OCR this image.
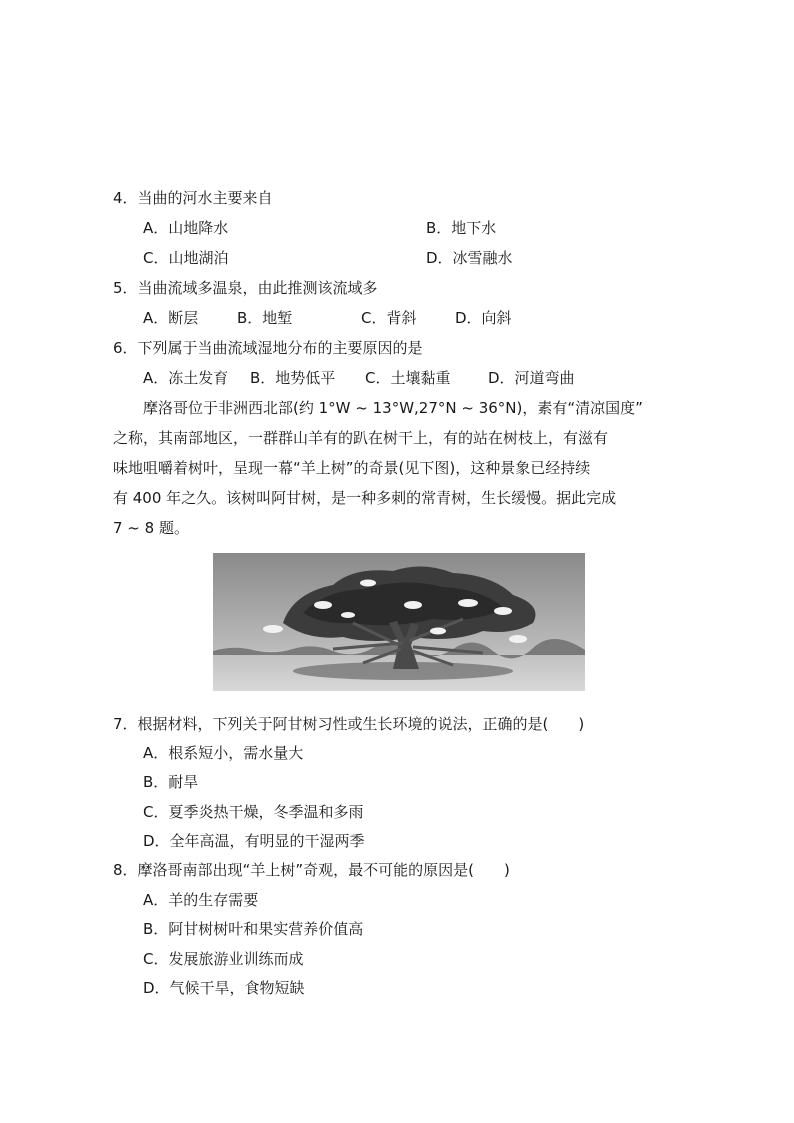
4．当曲的河水主要来自
A．山地降水	B．地下水
C．山地湖泊	D．冰雪融水
5．当曲流域多温泉，由此推测该流域多
A．断层	B．地堑	C．背斜	D．向斜
6．下列属于当曲流域湿地分布的主要原因的是
A．冻土发育 B．地势低平 C．土壤黏重	D．河道弯曲
摩洛哥位于非洲西北部(约 1°W ~ 13°W,27°N ~ 36°N)，素有“清凉国度”
之称，其南部地区，一群群山羊有的趴在树干上，有的站在树枝上，有滋有
味地咀嚼着树叶，呈现一幕“羊上树”的奇景(见下图)，这种景象已经持续
有 400 年之久。该树叫阿甘树，是一种多刺的常青树，生长缓慢。据此完成
7 ~ 8 题。
7．根据材料，下列关于阿甘树习性或生长环境的说法，正确的是(　　)
A．根系短小，需水量大
B．耐旱
C．夏季炎热干燥，冬季温和多雨
D．全年高温，有明显的干湿两季
8．摩洛哥南部出现“羊上树”奇观，最不可能的原因是(　　)
A．羊的生存需要
B．阿甘树树叶和果实营养价值高
C．发展旅游业训练而成
D．气候干旱，食物短缺
